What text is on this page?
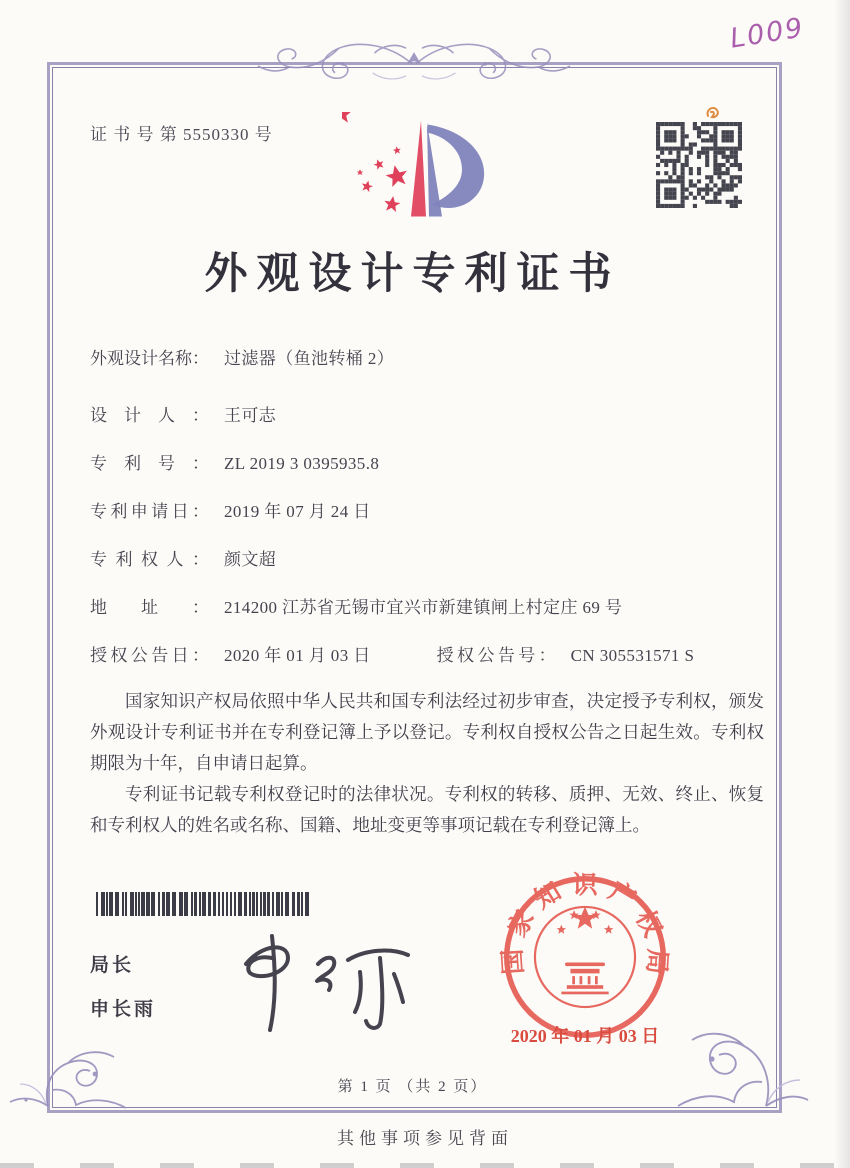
证 书 号 第 5550330 号
L009
外观设计专利证书
外观设计名称： 过滤器（鱼池转桶 2）
设计人： 王可志
专利号： ZL 2019 3 0395935.8
专利申请日： 2019 年 07 月 24 日
专利权人： 颜文超
地址： 214200 江苏省无锡市宜兴市新建镇闸上村定庄 69 号
授权公告日： 2020 年 01 月 03 日	授权公告号： CN 305531571 S

国家知识产权局依照中华人民共和国专利法经过初步审查，决定授予专利权，颁发外观设计专利证书并在专利登记簿上予以登记。专利权自授权公告之日起生效。专利权期限为十年，自申请日起算。

专利证书记载专利权登记时的法律状况。专利权的转移、质押、无效、终止、恢复和专利权人的姓名或名称、国籍、地址变更等事项记载在专利登记簿上。

局长
申长雨
国家知识产权局
2020 年 01 月 03 日
第 1 页 （共 2 页）
其他事项参见背面
